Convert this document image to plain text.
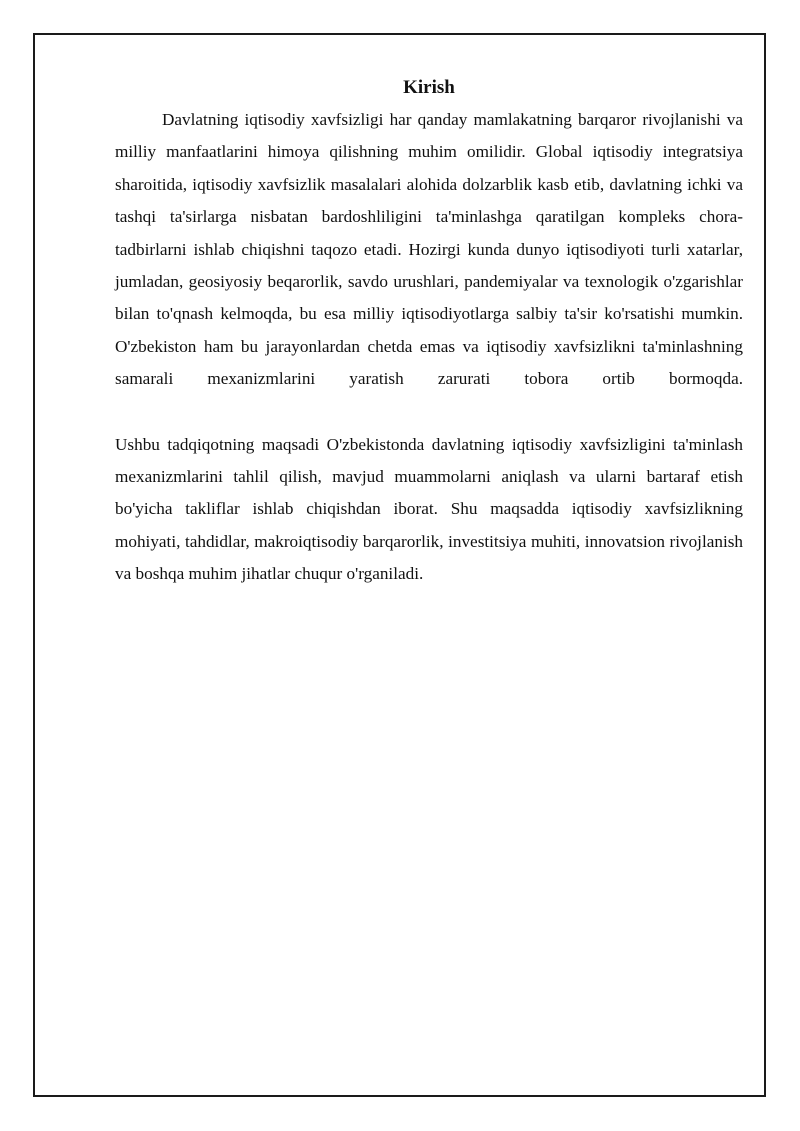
Kirish

Davlatning iqtisodiy xavfsizligi har qanday mamlakatning barqaror rivojlanishi va milliy manfaatlarini himoya qilishning muhim omilidir. Global iqtisodiy integratsiya sharoitida, iqtisodiy xavfsizlik masalalari alohida dolzarblik kasb etib, davlatning ichki va tashqi ta'sirlarga nisbatan bardoshliligini ta'minlashga qaratilgan kompleks chora-tadbirlarni ishlab chiqishni taqozo etadi. Hozirgi kunda dunyo iqtisodiyoti turli xatarlar, jumladan, geosiyosiy beqarorlik, savdo urushlari, pandemiyalar va texnologik o'zgarishlar bilan to'qnash kelmoqda, bu esa milliy iqtisodiyotlarga salbiy ta'sir ko'rsatishi mumkin. O'zbekiston ham bu jarayonlardan chetda emas va iqtisodiy xavfsizlikni ta'minlashning samarali mexanizmlarini yaratish zarurati tobora ortib bormoqda.

Ushbu tadqiqotning maqsadi O'zbekistonda davlatning iqtisodiy xavfsizligini ta'minlash mexanizmlarini tahlil qilish, mavjud muammolarni aniqlash va ularni bartaraf etish bo'yicha takliflar ishlab chiqishdan iborat. Shu maqsadda iqtisodiy xavfsizlikning mohiyati, tahdidlar, makroiqtisodiy barqarorlik, investitsiya muhiti, innovatsion rivojlanish va boshqa muhim jihatlar chuqur o'rganiladi.
